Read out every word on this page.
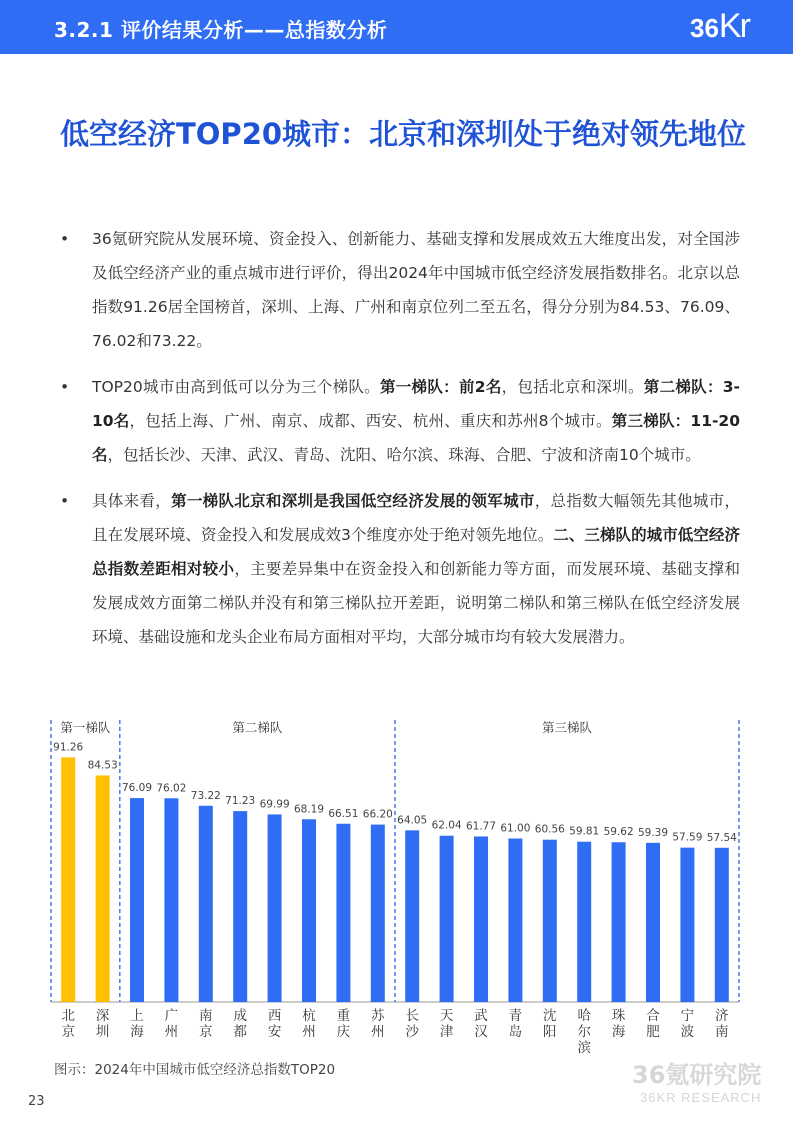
3.2.1 评价结果分析——总指数分析	36Kr
低空经济TOP20城市：北京和深圳处于绝对领先地位
• 36氪研究院从发展环境、资金投入、创新能力、基础支撑和发展成效五大维度出发，对全国涉及低空经济产业的重点城市进行评价，得出2024年中国城市低空经济发展指数排名。北京以总指数91.26居全国榜首，深圳、上海、广州和南京位列二至五名，得分分别为84.53、76.09、76.02和73.22。
• TOP20城市由高到低可以分为三个梯队。第一梯队：前2名，包括北京和深圳。第二梯队：3-10名，包括上海、广州、南京、成都、西安、杭州、重庆和苏州8个城市。第三梯队：11-20名，包括长沙、天津、武汉、青岛、沈阳、哈尔滨、珠海、合肥、宁波和济南10个城市。
• 具体来看，第一梯队北京和深圳是我国低空经济发展的领军城市，总指数大幅领先其他城市，且在发展环境、资金投入和发展成效3个维度亦处于绝对领先地位。二、三梯队的城市低空经济总指数差距相对较小，主要差异集中在资金投入和创新能力等方面，而发展环境、基础支撑和发展成效方面第二梯队并没有和第三梯队拉开差距，说明第二梯队和第三梯队在低空经济发展环境、基础设施和龙头企业布局方面相对平均，大部分城市均有较大发展潜力。
第一梯队	第二梯队	第三梯队
91.26
北京
84.53
深圳
76.09
上海
76.02
广州
73.22
南京
71.23
成都
69.99
西安
68.19
杭州
66.51
重庆
66.20
苏州
64.05
长沙
62.04
天津
61.77
武汉
61.00
青岛
60.56
沈阳
59.81
哈尔滨
59.62
珠海
59.39
合肥
57.59
宁波
57.54
济南
图示：2024年中国城市低空经济总指数TOP20	36氪研究院
36KR RESEARCH
23
